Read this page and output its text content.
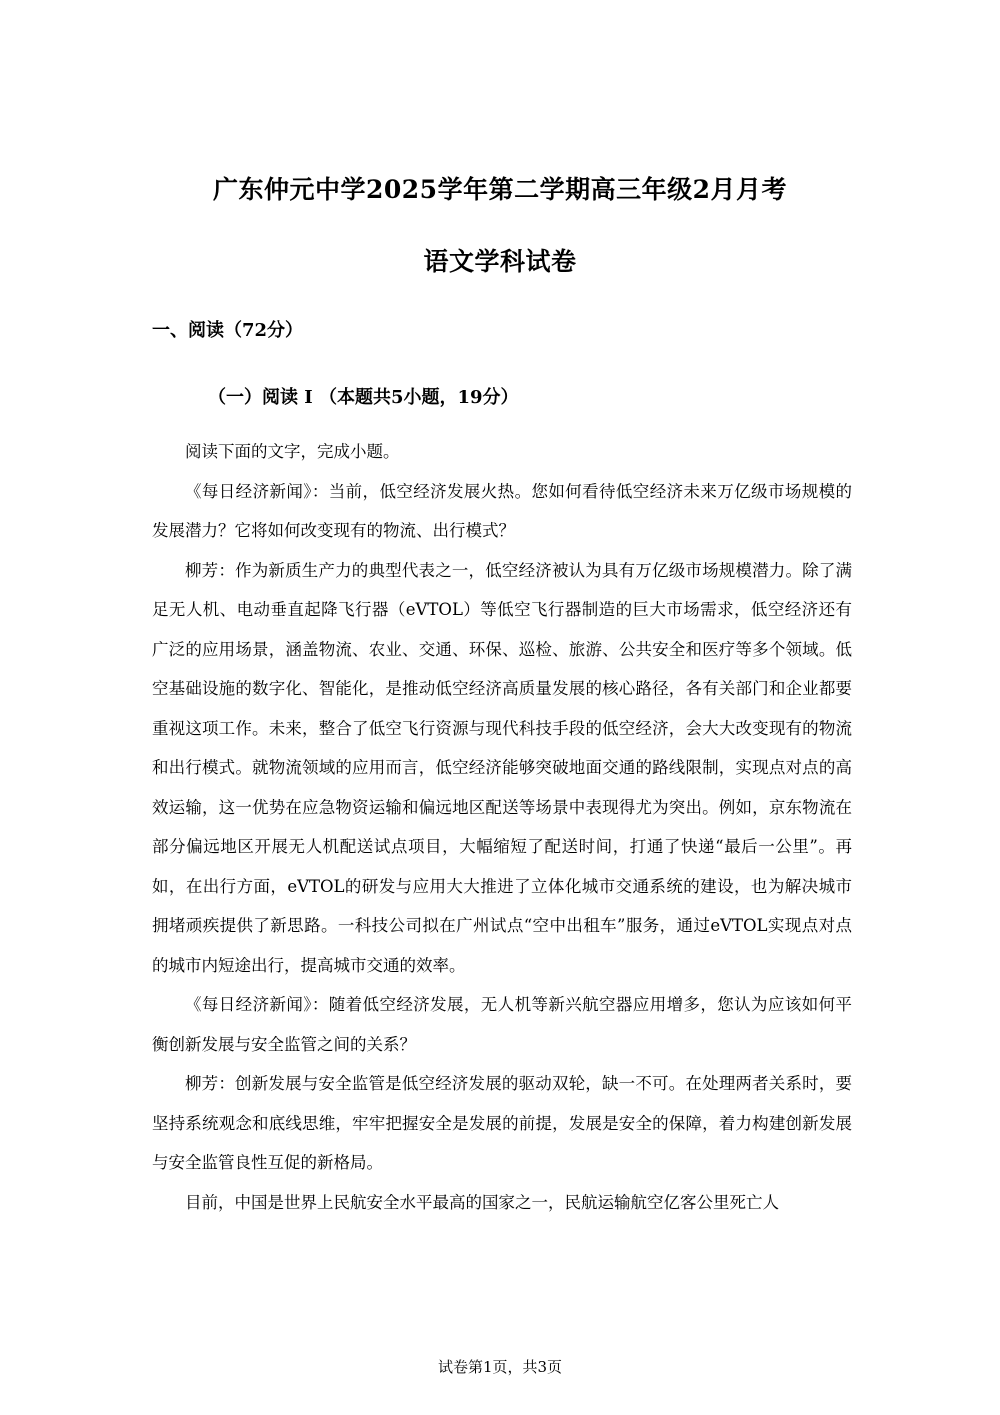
广东仲元中学2025学年第二学期高三年级2月月考
语文学科试卷
一、阅读（72分）
（一）阅读 I （本题共5小题，19分）

阅读下面的文字，完成小题。

《每日经济新闻》：当前，低空经济发展火热。您如何看待低空经济未来万亿级市场规模的发展潜力？它将如何改变现有的物流、出行模式？

柳芳：作为新质生产力的典型代表之一，低空经济被认为具有万亿级市场规模潜力。除了满足无人机、电动垂直起降飞行器（eVTOL）等低空飞行器制造的巨大市场需求，低空经济还有广泛的应用场景，涵盖物流、农业、交通、环保、巡检、旅游、公共安全和医疗等多个领域。低空基础设施的数字化、智能化，是推动低空经济高质量发展的核心路径，各有关部门和企业都要重视这项工作。未来，整合了低空飞行资源与现代科技手段的低空经济，会大大改变现有的物流和出行模式。就物流领域的应用而言，低空经济能够突破地面交通的路线限制，实现点对点的高效运输，这一优势在应急物资运输和偏远地区配送等场景中表现得尤为突出。例如，京东物流在部分偏远地区开展无人机配送试点项目，大幅缩短了配送时间，打通了快递“最后一公里”。再如，在出行方面，eVTOL的研发与应用大大推进了立体化城市交通系统的建设，也为解决城市拥堵顽疾提供了新思路。一科技公司拟在广州试点“空中出租车”服务，通过eVTOL实现点对点的城市内短途出行，提高城市交通的效率。

《每日经济新闻》：随着低空经济发展，无人机等新兴航空器应用增多，您认为应该如何平衡创新发展与安全监管之间的关系？

柳芳：创新发展与安全监管是低空经济发展的驱动双轮，缺一不可。在处理两者关系时，要坚持系统观念和底线思维，牢牢把握安全是发展的前提，发展是安全的保障，着力构建创新发展与安全监管良性互促的新格局。

目前，中国是世界上民航安全水平最高的国家之一，民航运输航空亿客公里死亡人

试卷第1页，共3页
